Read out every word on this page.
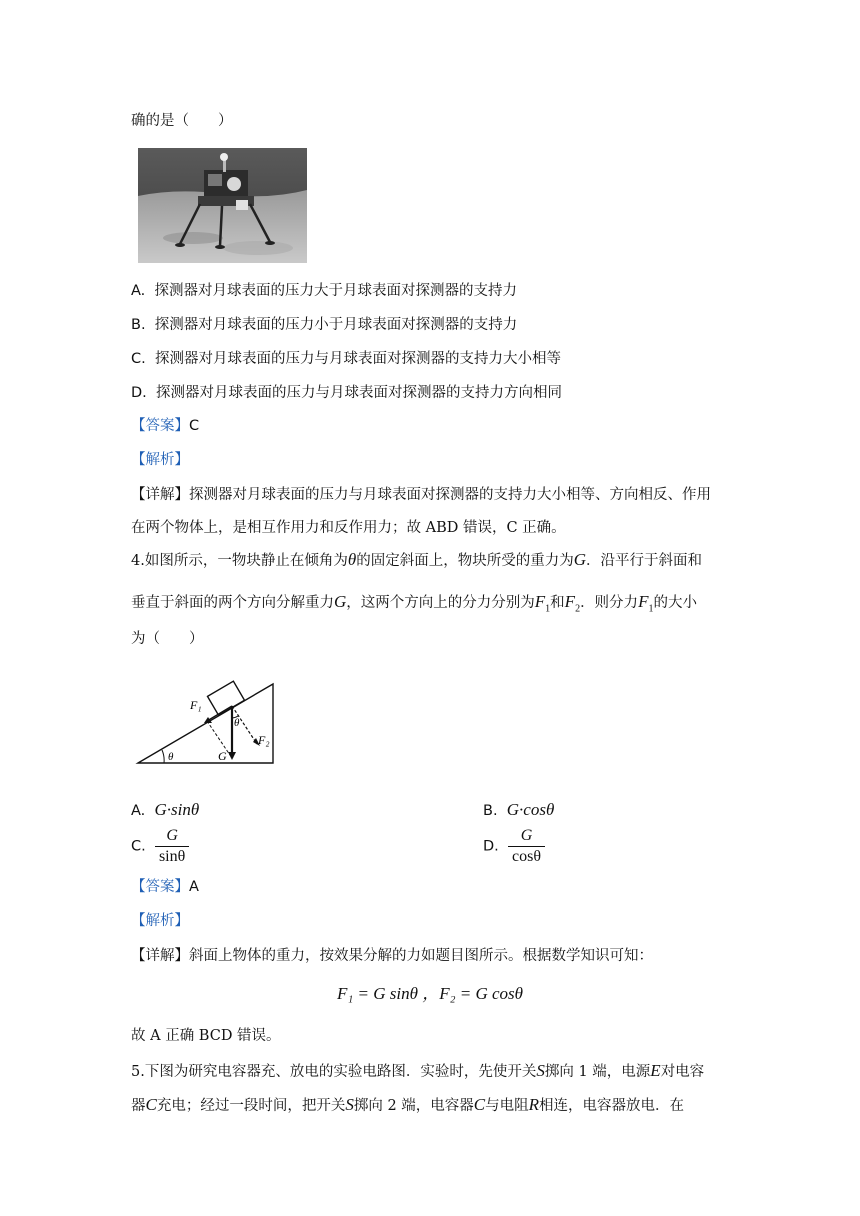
确的是（　　）
A. 探测器对月球表面的压力大于月球表面对探测器的支持力
B. 探测器对月球表面的压力小于月球表面对探测器的支持力
C. 探测器对月球表面的压力与月球表面对探测器的支持力大小相等
D. 探测器对月球表面的压力与月球表面对探测器的支持力方向相同
【答案】C
【解析】
【详解】探测器对月球表面的压力与月球表面对探测器的支持力大小相等、方向相反、作用
在两个物体上，是相互作用力和反作用力；故 ABD 错误，C 正确。
4.如图所示，一物块静止在倾角为θ的固定斜面上，物块所受的重力为G．沿平行于斜面和
垂直于斜面的两个方向分解重力G，这两个方向上的分力分别为$F_1$和$F_2$．则分力$F_1$的大小
为（　　）
F₁
F₂
G
θ
θ
A. G·sinθ	B. G·cosθ
C. $\frac{G}{\sin\theta}$	D. $\frac{G}{\cos\theta}$
【答案】A
【解析】
【详解】斜面上物体的重力，按效果分解的力如题目图所示。根据数学知识可知：
F₁ = G sinθ ，F₂ = G cosθ
故 A 正确 BCD 错误。
5.下图为研究电容器充、放电的实验电路图．实验时，先使开关S掷向 1 端，电源E对电容
器C充电；经过一段时间，把开关S掷向 2 端，电容器C与电阻R相连，电容器放电．在
